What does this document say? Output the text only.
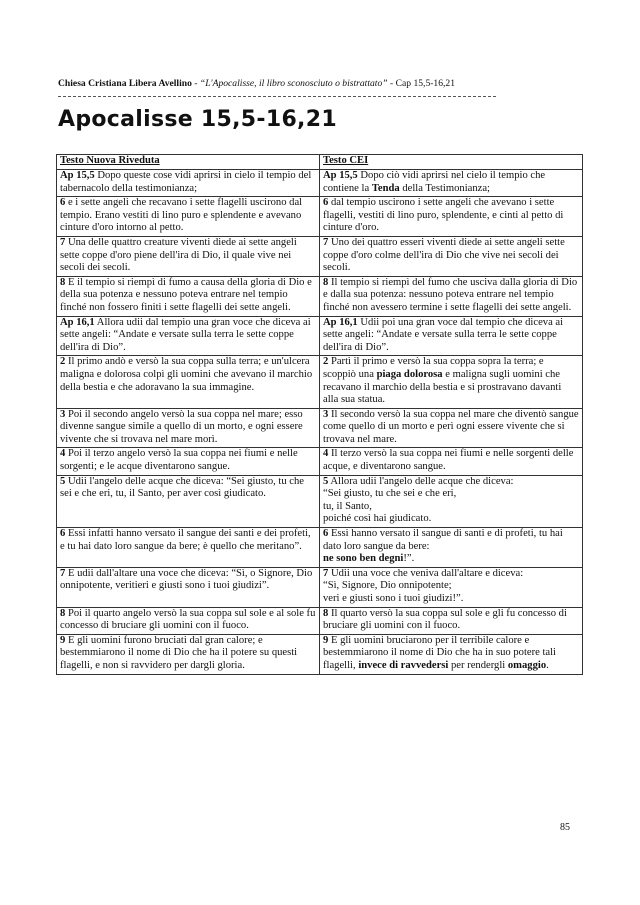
Chiesa Cristiana Libera Avellino - “L'Apocalisse, il libro sconosciuto o bistrattato” - Cap 15,5-16,21
Apocalisse 15,5-16,21
Testo Nuova Riveduta	Testo CEI
Ap 15,5 Dopo queste cose vidi aprirsi in cielo il tempio del tabernacolo della testimonianza;	Ap 15,5 Dopo ciò vidi aprirsi nel cielo il tempio che contiene la Tenda della Testimonianza;
6 e i sette angeli che recavano i sette flagelli uscirono dal tempio. Erano vestiti di lino puro e splendente e avevano cinture d'oro intorno al petto.	6 dal tempio uscirono i sette angeli che avevano i sette flagelli, vestiti di lino puro, splendente, e cinti al petto di cinture d'oro.
7 Una delle quattro creature viventi diede ai sette angeli sette coppe d'oro piene dell'ira di Dio, il quale vive nei secoli dei secoli.	7 Uno dei quattro esseri viventi diede ai sette angeli sette coppe d'oro colme dell'ira di Dio che vive nei secoli dei secoli.
8 E il tempio si riempì di fumo a causa della gloria di Dio e della sua potenza e nessuno poteva entrare nel tempio finché non fossero finiti i sette flagelli dei sette angeli.	8 Il tempio si riempì del fumo che usciva dalla gloria di Dio e dalla sua potenza: nessuno poteva entrare nel tempio finché non avessero termine i sette flagelli dei sette angeli.
Ap 16,1 Allora udii dal tempio una gran voce che diceva ai sette angeli: “Andate e versate sulla terra le sette coppe dell'ira di Dio”.	Ap 16,1 Udii poi una gran voce dal tempio che diceva ai sette angeli: “Andate e versate sulla terra le sette coppe dell'ira di Dio”.
2 Il primo andò e versò la sua coppa sulla terra; e un'ulcera maligna e dolorosa colpì gli uomini che avevano il marchio della bestia e che adoravano la sua immagine.	2 Partì il primo e versò la sua coppa sopra la terra; e scoppiò una piaga dolorosa e maligna sugli uomini che recavano il marchio della bestia e si prostravano davanti alla sua statua.
3 Poi il secondo angelo versò la sua coppa nel mare; esso divenne sangue simile a quello di un morto, e ogni essere vivente che si trovava nel mare morì.	3 Il secondo versò la sua coppa nel mare che diventò sangue come quello di un morto e perì ogni essere vivente che si trovava nel mare.
4 Poi il terzo angelo versò la sua coppa nei fiumi e nelle sorgenti; e le acque diventarono sangue.	4 Il terzo versò la sua coppa nei fiumi e nelle sorgenti delle acque, e diventarono sangue.
5 Udii l'angelo delle acque che diceva: “Sei giusto, tu che sei e che eri, tu, il Santo, per aver così giudicato.	5 Allora udii l'angelo delle acque che diceva:
“Sei giusto, tu che sei e che eri,
tu, il Santo,
poiché così hai giudicato.
6 Essi infatti hanno versato il sangue dei santi e dei profeti, e tu hai dato loro sangue da bere; è quello che meritano”.	6 Essi hanno versato il sangue di santi e di profeti, tu hai dato loro sangue da bere:
ne sono ben degni!”.
7 E udii dall'altare una voce che diceva: “Sì, o Signore, Dio onnipotente, veritieri e giusti sono i tuoi giudizi”.	7 Udii una voce che veniva dall'altare e diceva:
“Sì, Signore, Dio onnipotente;
veri e giusti sono i tuoi giudizi!”.
8 Poi il quarto angelo versò la sua coppa sul sole e al sole fu concesso di bruciare gli uomini con il fuoco.	8 Il quarto versò la sua coppa sul sole e gli fu concesso di bruciare gli uomini con il fuoco.
9 E gli uomini furono bruciati dal gran calore; e bestemmiarono il nome di Dio che ha il potere su questi flagelli, e non si ravvidero per dargli gloria.	9 E gli uomini bruciarono per il terribile calore e bestemmiarono il nome di Dio che ha in suo potere tali flagelli, invece di ravvedersi per rendergli omaggio.
85
